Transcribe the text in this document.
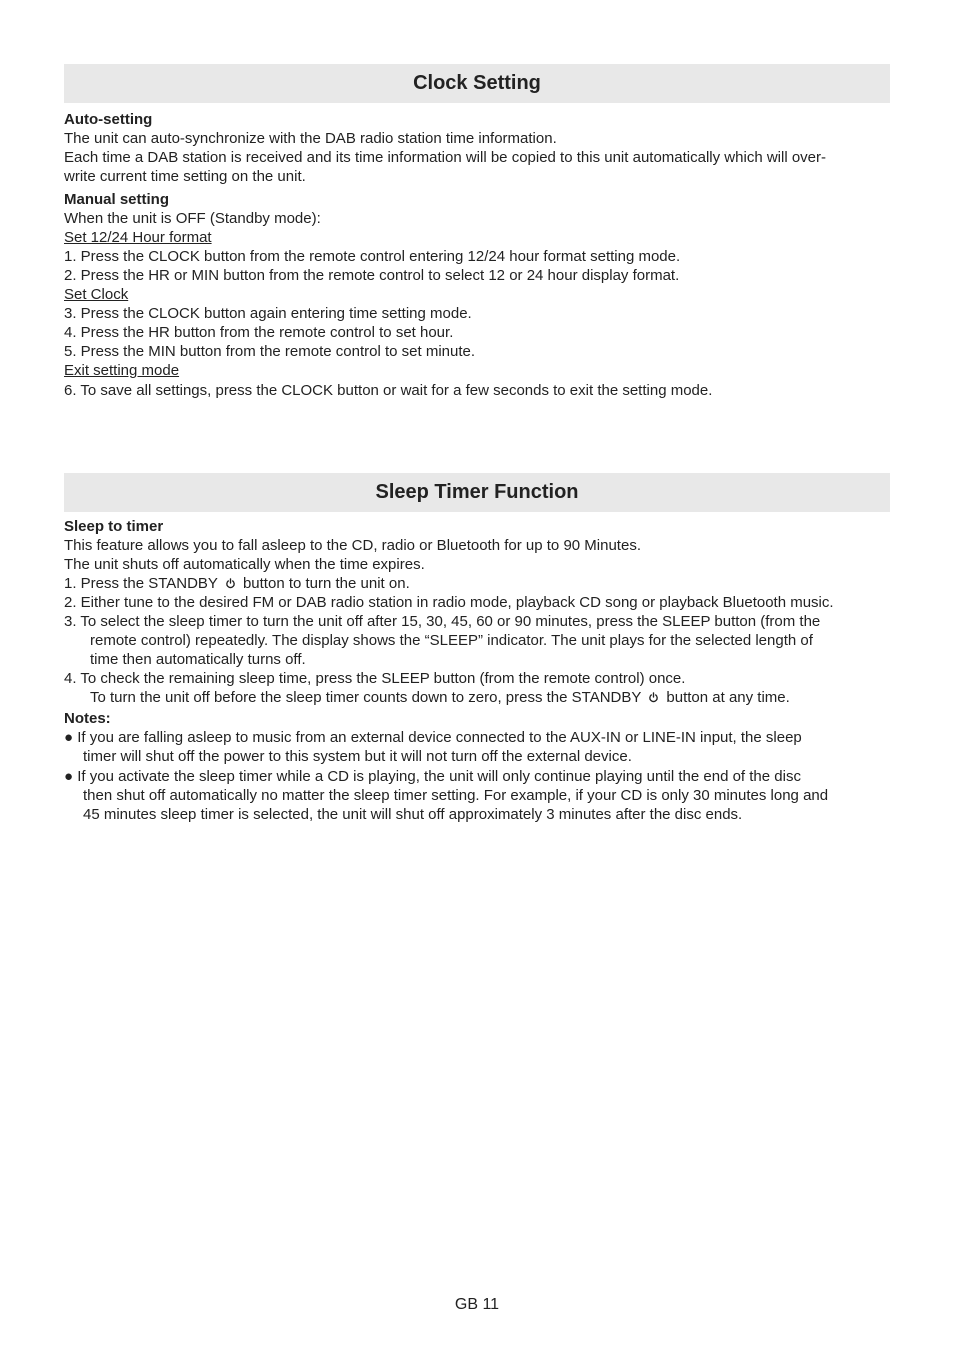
Clock Setting
Auto-setting
The unit can auto-synchronize with the DAB radio station time information.
Each time a DAB station is received and its time information will be copied to this unit automatically which will over-
write current time setting on the unit.
Manual setting
When the unit is OFF (Standby mode):
Set 12/24 Hour format
1. Press the CLOCK button from the remote control entering 12/24 hour format setting mode.
2. Press the HR or MIN button from the remote control to select 12 or 24 hour display format.
Set Clock
3. Press the CLOCK button again entering time setting mode.
4. Press the HR button from the remote control to set hour.
5. Press the MIN button from the remote control to set minute.
Exit setting mode
6. To save all settings, press the CLOCK button or wait for a few seconds to exit the setting mode.
Sleep Timer Function
Sleep to timer
This feature allows you to fall asleep to the CD, radio or Bluetooth for up to 90 Minutes.
The unit shuts off automatically when the time expires.
1. Press the STANDBY button to turn the unit on.
2. Either tune to the desired FM or DAB radio station in radio mode, playback CD song or playback Bluetooth music.
3. To select the sleep timer to turn the unit off after 15, 30, 45, 60 or 90 minutes, press the SLEEP button (from the
remote control) repeatedly. The display shows the “SLEEP” indicator. The unit plays for the selected length of
time then automatically turns off.
4. To check the remaining sleep time, press the SLEEP button (from the remote control) once.
To turn the unit off before the sleep timer counts down to zero, press the STANDBY button at any time.
Notes:
● If you are falling asleep to music from an external device connected to the AUX-IN or LINE-IN input, the sleep
timer will shut off the power to this system but it will not turn off the external device.
● If you activate the sleep timer while a CD is playing, the unit will only continue playing until the end of the disc
then shut off automatically no matter the sleep timer setting. For example, if your CD is only 30 minutes long and
45 minutes sleep timer is selected, the unit will shut off approximately 3 minutes after the disc ends.
GB 11
